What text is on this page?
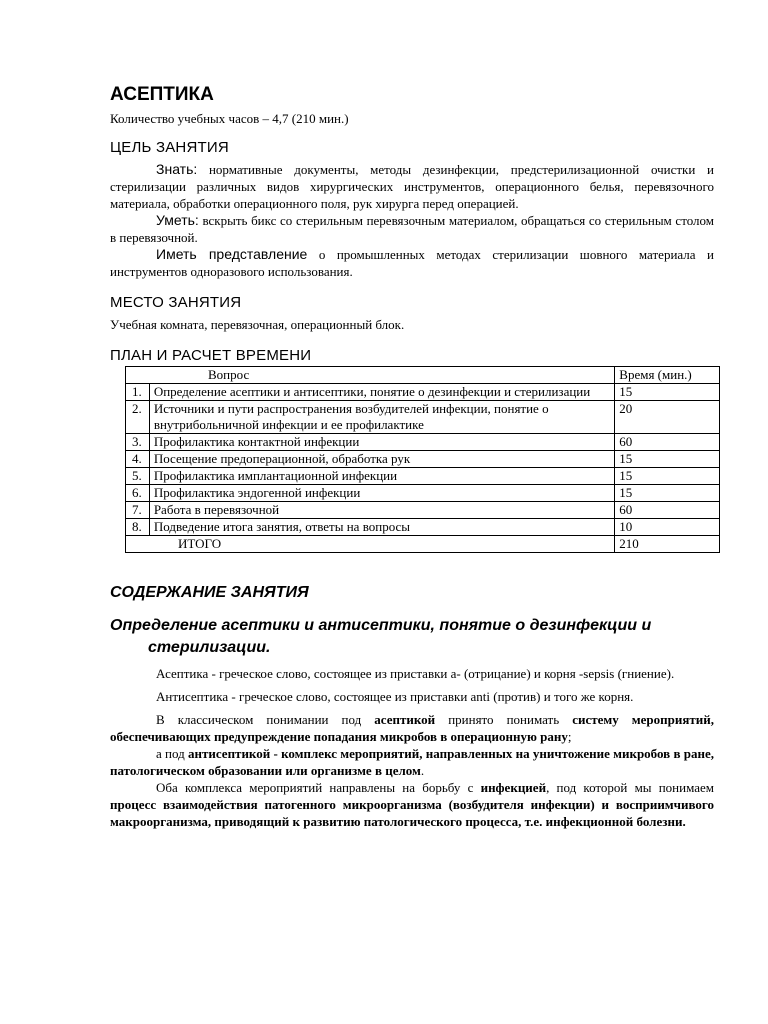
АСЕПТИКА

Количество учебных часов – 4,7 (210 мин.)

ЦЕЛЬ ЗАНЯТИЯ

Знать: нормативные документы, методы дезинфекции, предстерилизационной очистки и стерилизации различных видов хирургических инструментов, операционного белья, перевязочного материала, обработки операционного поля, рук хирурга перед операцией.

Уметь: вскрыть бикс со стерильным перевязочным материалом, обращаться со стерильным столом в перевязочной.

Иметь представление о промышленных методах стерилизации шовного материала и инструментов одноразового использования.

МЕСТО ЗАНЯТИЯ

Учебная комната, перевязочная, операционный блок.

ПЛАН И РАСЧЕТ ВРЕМЕНИ
Вопрос		Время (мин.)
1.	Определение асептики и антисептики, понятие о дезинфекции и стерилизации	15
2.	Источники и пути распространения возбудителей инфекции, понятие о внутрибольничной инфекции и ее профилактике	20
3.	Профилактика контактной инфекции	60
4.	Посещение предоперационной, обработка рук	15
5.	Профилактика имплантационной инфекции	15
6.	Профилактика эндогенной инфекции	15
7.	Работа в перевязочной	60
8.	Подведение итога занятия, ответы на вопросы	10
ИТОГО		210
СОДЕРЖАНИЕ ЗАНЯТИЯ
Определение асептики и антисептики, понятие о дезинфекции и стерилизации.

Асептика - греческое слово, состоящее из приставки а- (отрицание) и корня -sepsis (гниение).

Антисептика - греческое слово, состоящее из приставки anti (против) и того же корня.

В классическом понимании под асептикой принято понимать систему мероприятий, обеспечивающих предупреждение попадания микробов в операционную рану;

а под антисептикой - комплекс мероприятий, направленных на уничтожение микробов в ране, патологическом образовании или организме в целом.

Оба комплекса мероприятий направлены на борьбу с инфекцией, под которой мы понимаем процесс взаимодействия патогенного микроорганизма (возбудителя инфекции) и восприимчивого макроорганизма, приводящий к развитию патологического процесса, т.е. инфекционной болезни.
